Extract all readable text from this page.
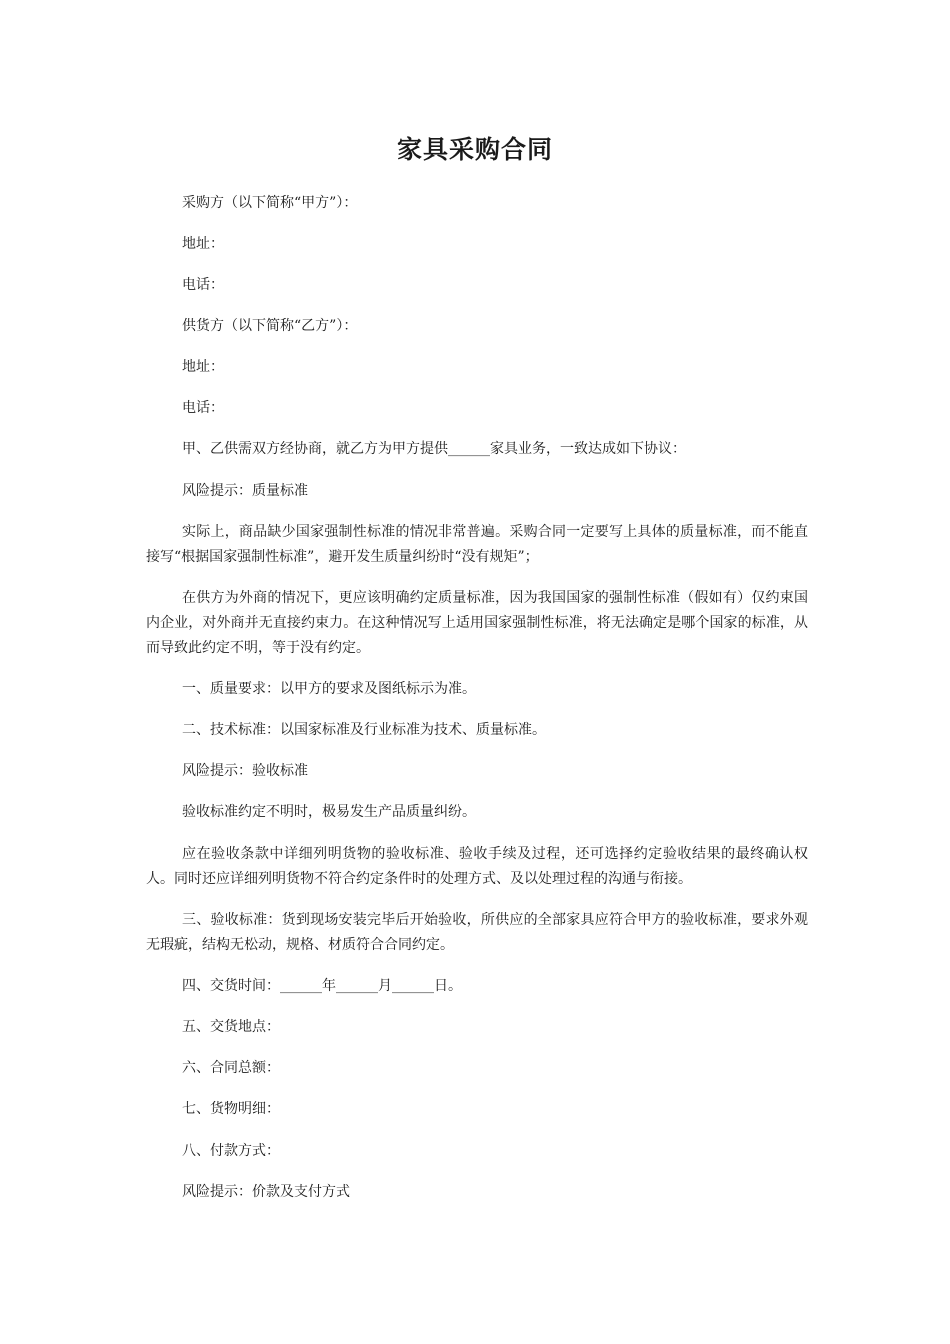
家具采购合同

采购方（以下简称“甲方”）：

地址：

电话：

供货方（以下简称“乙方”）：

地址：

电话：

甲、乙供需双方经协商，就乙方为甲方提供______家具业务，一致达成如下协议：

风险提示：质量标准

实际上，商品缺少国家强制性标准的情况非常普遍。采购合同一定要写上具体的质量标准，而不能直接写“根据国家强制性标准”，避开发生质量纠纷时“没有规矩”；

在供方为外商的情况下，更应该明确约定质量标准，因为我国国家的强制性标准（假如有）仅约束国内企业，对外商并无直接约束力。在这种情况写上适用国家强制性标准，将无法确定是哪个国家的标准，从而导致此约定不明，等于没有约定。

一、质量要求：以甲方的要求及图纸标示为准。

二、技术标准：以国家标准及行业标准为技术、质量标准。

风险提示：验收标准

验收标准约定不明时，极易发生产品质量纠纷。

应在验收条款中详细列明货物的验收标准、验收手续及过程，还可选择约定验收结果的最终确认权人。同时还应详细列明货物不符合约定条件时的处理方式、及以处理过程的沟通与衔接。

三、验收标准：货到现场安装完毕后开始验收，所供应的全部家具应符合甲方的验收标准，要求外观无瑕疵，结构无松动，规格、材质符合合同约定。

四、交货时间：______年______月______日。

五、交货地点：

六、合同总额：

七、货物明细：

八、付款方式：

风险提示：价款及支付方式
